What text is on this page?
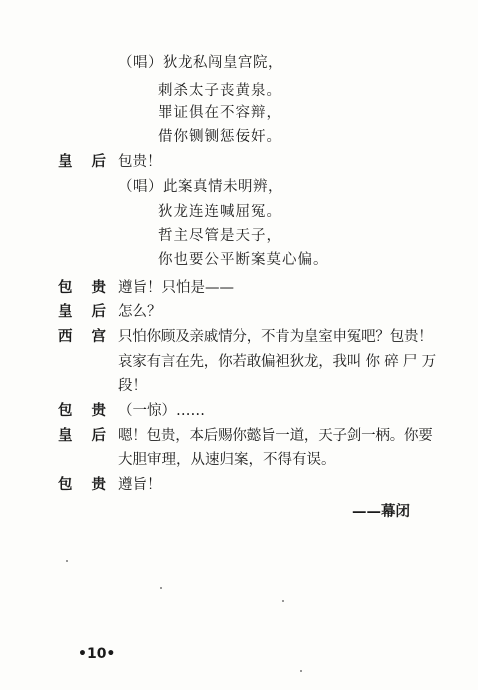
（唱）狄龙私闯皇宫院，
刺杀太子丧黄泉。
罪证俱在不容辩，
借你铡铡惩佞奸。
皇 后 包贵！
（唱）此案真情未明辨，
狄龙连连喊屈冤。
哲主尽管是天子，
你也要公平断案莫心偏。
包 贵 遵旨！只怕是——
皇 后 怎么？
西 宫 只怕你顾及亲戚情分，不肯为皇室申冤吧？包贵！
哀家有言在先，你若敢偏袒狄龙，我叫 你 碎 尸 万
段！
包 贵 （一惊）……
皇 后 嗯！包贵，本后赐你懿旨一道，天子剑一柄。你要
大胆审理，从速归案，不得有误。
包 贵 遵旨！
——幕闭
•10•
